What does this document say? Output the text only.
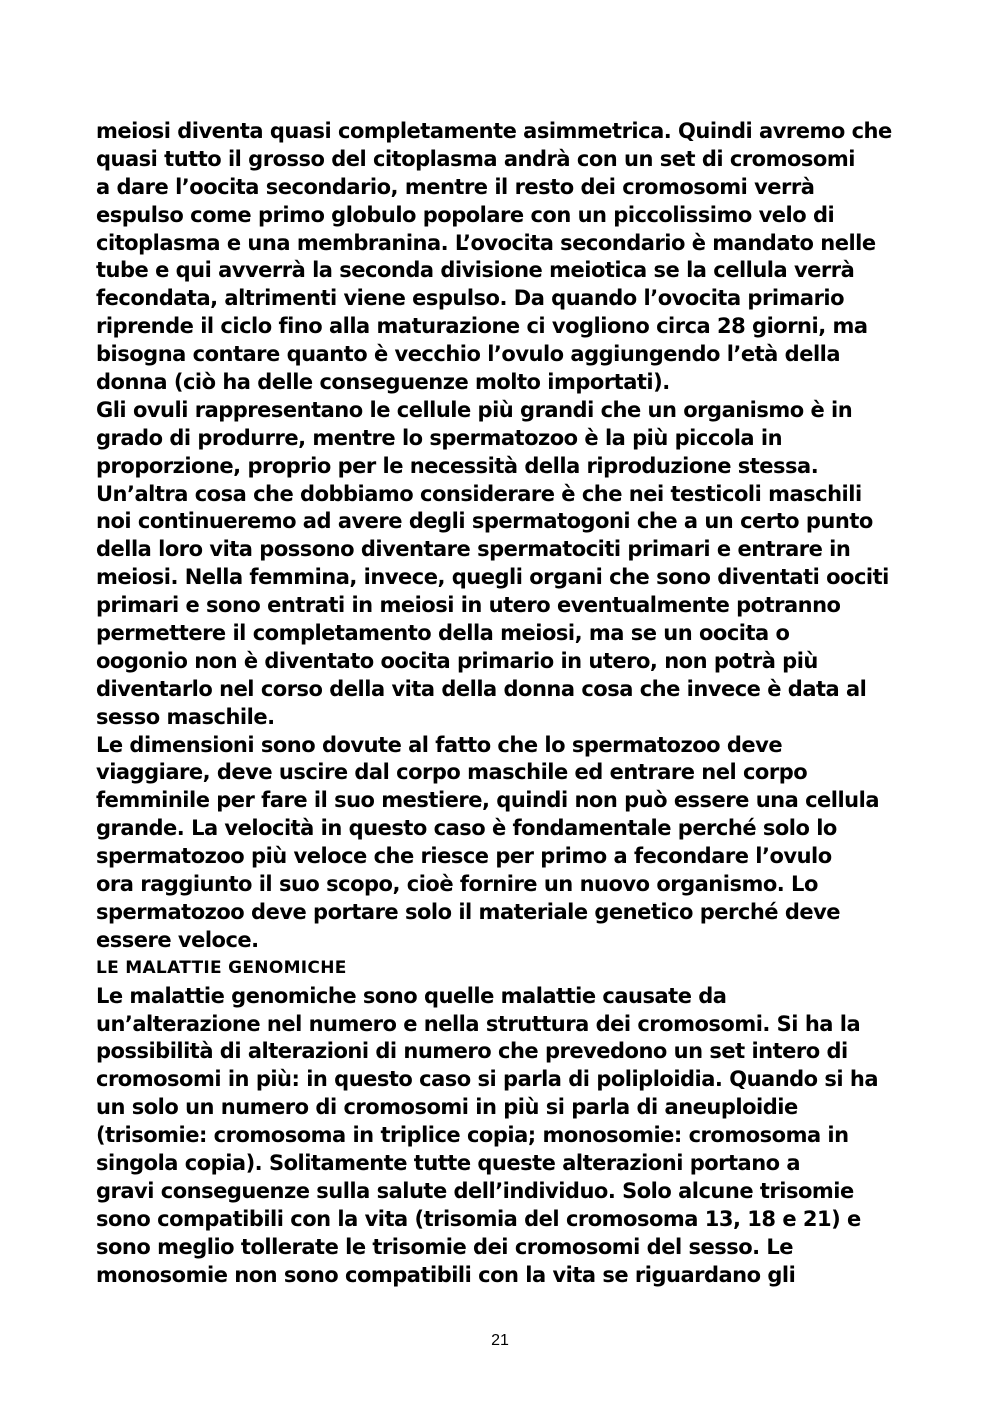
meiosi diventa quasi completamente asimmetrica. Quindi avremo che
quasi tutto il grosso del citoplasma andrà con un set di cromosomi
a dare l’oocita secondario, mentre il resto dei cromosomi verrà
espulso come primo globulo popolare con un piccolissimo velo di
citoplasma e una membranina. L’ovocita secondario è mandato nelle
tube e qui avverrà la seconda divisione meiotica se la cellula verrà
fecondata, altrimenti viene espulso. Da quando l’ovocita primario
riprende il ciclo fino alla maturazione ci vogliono circa 28 giorni, ma
bisogna contare quanto è vecchio l’ovulo aggiungendo l’età della
donna (ciò ha delle conseguenze molto importati).
Gli ovuli rappresentano le cellule più grandi che un organismo è in
grado di produrre, mentre lo spermatozoo è la più piccola in
proporzione, proprio per le necessità della riproduzione stessa.
Un’altra cosa che dobbiamo considerare è che nei testicoli maschili
noi continueremo ad avere degli spermatogoni che a un certo punto
della loro vita possono diventare spermatociti primari e entrare in
meiosi. Nella femmina, invece, quegli organi che sono diventati oociti
primari e sono entrati in meiosi in utero eventualmente potranno
permettere il completamento della meiosi, ma se un oocita o
oogonio non è diventato oocita primario in utero, non potrà più
diventarlo nel corso della vita della donna cosa che invece è data al
sesso maschile.
Le dimensioni sono dovute al fatto che lo spermatozoo deve
viaggiare, deve uscire dal corpo maschile ed entrare nel corpo
femminile per fare il suo mestiere, quindi non può essere una cellula
grande. La velocità in questo caso è fondamentale perché solo lo
spermatozoo più veloce che riesce per primo a fecondare l’ovulo
ora raggiunto il suo scopo, cioè fornire un nuovo organismo. Lo
spermatozoo deve portare solo il materiale genetico perché deve
essere veloce.
LE MALATTIE GENOMICHE
Le malattie genomiche sono quelle malattie causate da
un’alterazione nel numero e nella struttura dei cromosomi. Si ha la
possibilità di alterazioni di numero che prevedono un set intero di
cromosomi in più: in questo caso si parla di poliploidia. Quando si ha
un solo un numero di cromosomi in più si parla di aneuploidie
(trisomie: cromosoma in triplice copia; monosomie: cromosoma in
singola copia). Solitamente tutte queste alterazioni portano a
gravi conseguenze sulla salute dell’individuo. Solo alcune trisomie
sono compatibili con la vita (trisomia del cromosoma 13, 18 e 21) e
sono meglio tollerate le trisomie dei cromosomi del sesso. Le
monosomie non sono compatibili con la vita se riguardano gli
21
